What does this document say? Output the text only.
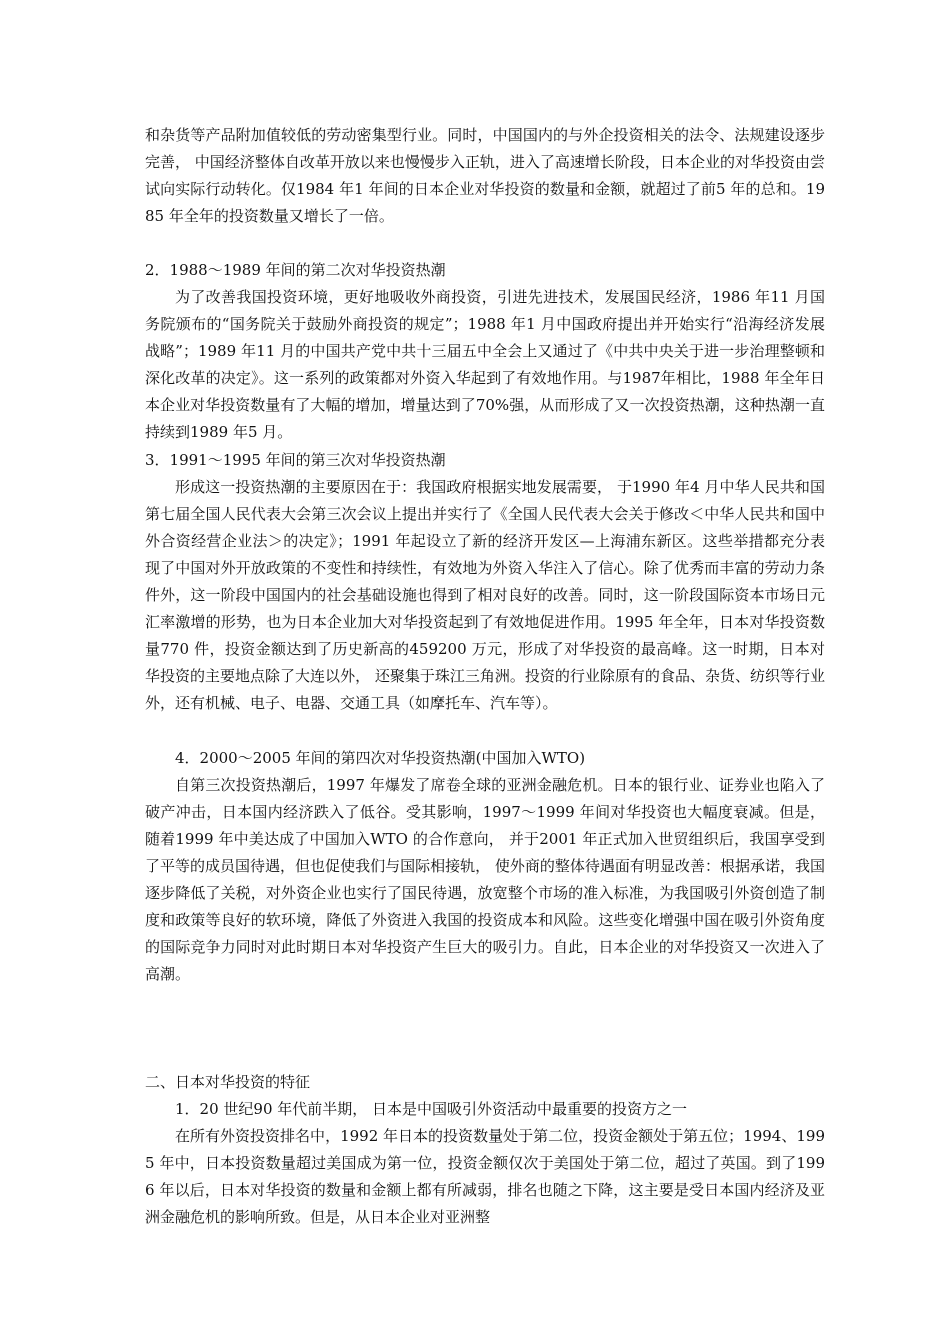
和杂货等产品附加值较低的劳动密集型行业。同时，中国国内的与外企投资相关的法令、法规建设逐步完善， 中国经济整体自改革开放以来也慢慢步入正轨，进入了高速增长阶段，日本企业的对华投资由尝试向实际行动转化。仅1984 年1 年间的日本企业对华投资的数量和金额，就超过了前5 年的总和。1985 年全年的投资数量又增长了一倍。

2．1988～1989 年间的第二次对华投资热潮

为了改善我国投资环境，更好地吸收外商投资，引进先进技术，发展国民经济，1986 年11 月国务院颁布的“国务院关于鼓励外商投资的规定”；1988 年1 月中国政府提出并开始实行“沿海经济发展战略”；1989 年11 月的中国共产党中共十三届五中全会上又通过了《中共中央关于进一步治理整顿和深化改革的决定》。这一系列的政策都对外资入华起到了有效地作用。与1987年相比，1988 年全年日本企业对华投资数量有了大幅的增加，增量达到了70%强，从而形成了又一次投资热潮，这种热潮一直持续到1989 年5 月。

3．1991～1995 年间的第三次对华投资热潮

形成这一投资热潮的主要原因在于：我国政府根据实地发展需要， 于1990 年4 月中华人民共和国第七届全国人民代表大会第三次会议上提出并实行了《全国人民代表大会关于修改＜中华人民共和国中外合资经营企业法＞的决定》；1991 年起设立了新的经济开发区—上海浦东新区。这些举措都充分表现了中国对外开放政策的不变性和持续性，有效地为外资入华注入了信心。除了优秀而丰富的劳动力条件外，这一阶段中国国内的社会基础设施也得到了相对良好的改善。同时，这一阶段国际资本市场日元汇率激增的形势，也为日本企业加大对华投资起到了有效地促进作用。1995 年全年，日本对华投资数量770 件，投资金额达到了历史新高的459200 万元，形成了对华投资的最高峰。这一时期，日本对华投资的主要地点除了大连以外， 还聚集于珠江三角洲。投资的行业除原有的食品、杂货、纺织等行业外，还有机械、电子、电器、交通工具（如摩托车、汽车等）。

4．2000～2005 年间的第四次对华投资热潮(中国加入WTO)

自第三次投资热潮后，1997 年爆发了席卷全球的亚洲金融危机。日本的银行业、证券业也陷入了破产冲击，日本国内经济跌入了低谷。受其影响，1997～1999 年间对华投资也大幅度衰减。但是， 随着1999 年中美达成了中国加入WTO 的合作意向， 并于2001 年正式加入世贸组织后，我国享受到了平等的成员国待遇，但也促使我们与国际相接轨， 使外商的整体待遇面有明显改善：根据承诺，我国逐步降低了关税，对外资企业也实行了国民待遇，放宽整个市场的准入标准，为我国吸引外资创造了制度和政策等良好的软环境，降低了外资进入我国的投资成本和风险。这些变化增强中国在吸引外资角度的国际竞争力同时对此时期日本对华投资产生巨大的吸引力。自此，日本企业的对华投资又一次进入了高潮。

二、日本对华投资的特征

1．20 世纪90 年代前半期， 日本是中国吸引外资活动中最重要的投资方之一

在所有外资投资排名中，1992 年日本的投资数量处于第二位，投资金额处于第五位；1994、1995 年中，日本投资数量超过美国成为第一位，投资金额仅次于美国处于第二位，超过了英国。到了1996 年以后，日本对华投资的数量和金额上都有所减弱，排名也随之下降，这主要是受日本国内经济及亚洲金融危机的影响所致。但是，从日本企业对亚洲整
